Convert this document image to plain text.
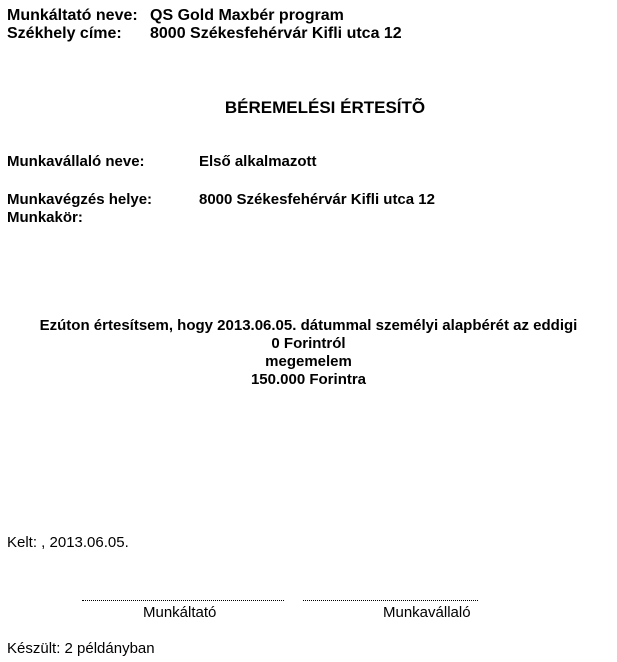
Munkáltató neve: QS Gold Maxbér program
Székhely címe: 8000 Székesfehérvár Kifli utca 12
BÉREMELÉSI ÉRTESÍTÕ
Munkavállaló neve:	Első alkalmazott
Munkavégzés helye:	8000 Székesfehérvár Kifli utca 12
Munkakör:
Ezúton értesítsem, hogy 2013.06.05. dátummal személyi alapbérét az eddigi
0 Forintról
megemelem
150.000 Forintra
Kelt: , 2013.06.05.
Munkáltató	Munkavállaló
Készült: 2 példányban
